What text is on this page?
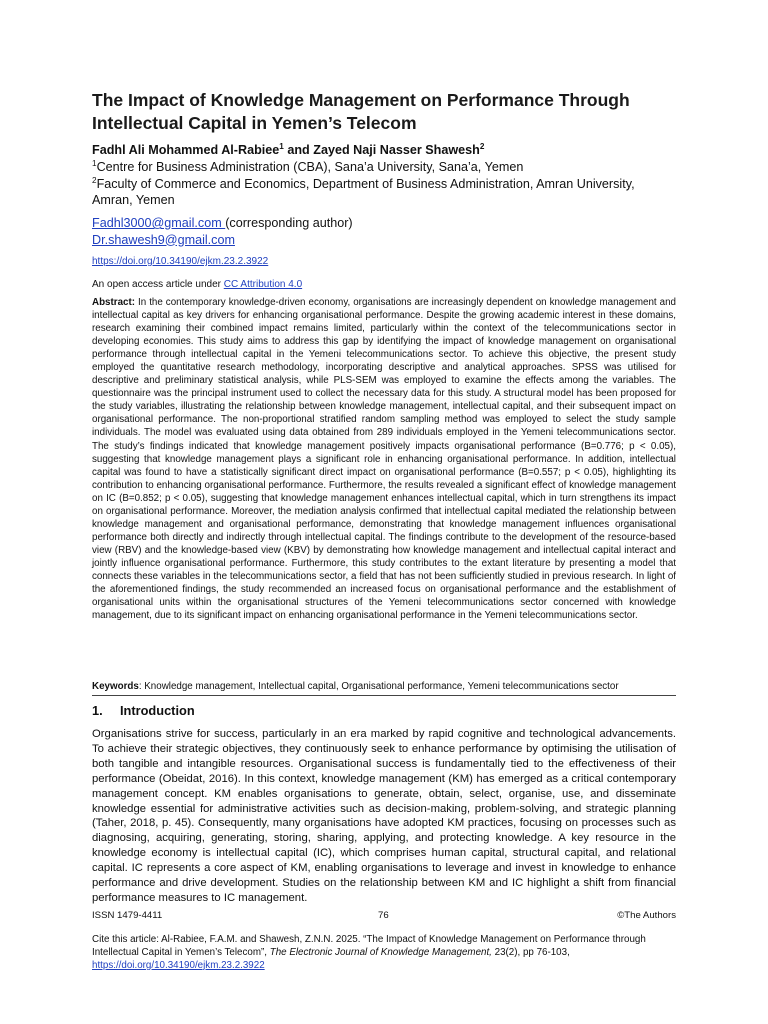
The Impact of Knowledge Management on Performance Through Intellectual Capital in Yemen’s Telecom
Fadhl Ali Mohammed Al-Rabiee$^1$ and Zayed Naji Nasser Shawesh$^2$
$^1$Centre for Business Administration (CBA), Sana’a University, Sana’a, Yemen
$^2$Faculty of Commerce and Economics, Department of Business Administration, Amran University, Amran, Yemen
Fadhl3000@gmail.com (corresponding author)
Dr.shawesh9@gmail.com
https://doi.org/10.34190/ejkm.23.2.3922
An open access article under CC Attribution 4.0
Abstract: In the contemporary knowledge-driven economy, organisations are increasingly dependent on knowledge management and intellectual capital as key drivers for enhancing organisational performance. Despite the growing academic interest in these domains, research examining their combined impact remains limited, particularly within the context of the telecommunications sector in developing economies. This study aims to address this gap by identifying the impact of knowledge management on organisational performance through intellectual capital in the Yemeni telecommunications sector. To achieve this objective, the present study employed the quantitative research methodology, incorporating descriptive and analytical approaches. SPSS was utilised for descriptive and preliminary statistical analysis, while PLS-SEM was employed to examine the effects among the variables. The questionnaire was the principal instrument used to collect the necessary data for this study. A structural model has been proposed for the study variables, illustrating the relationship between knowledge management, intellectual capital, and their subsequent impact on organisational performance. The non-proportional stratified random sampling method was employed to select the study sample individuals. The model was evaluated using data obtained from 289 individuals employed in the Yemeni telecommunications sector. The study’s findings indicated that knowledge management positively impacts organisational performance (B=0.776; p < 0.05), suggesting that knowledge management plays a significant role in enhancing organisational performance. In addition, intellectual capital was found to have a statistically significant direct impact on organisational performance (B=0.557; p < 0.05), highlighting its contribution to enhancing organisational performance. Furthermore, the results revealed a significant effect of knowledge management on IC (B=0.852; p < 0.05), suggesting that knowledge management enhances intellectual capital, which in turn strengthens its impact on organisational performance. Moreover, the mediation analysis confirmed that intellectual capital mediated the relationship between knowledge management and organisational performance, demonstrating that knowledge management influences organisational performance both directly and indirectly through intellectual capital. The findings contribute to the development of the resource-based view (RBV) and the knowledge-based view (KBV) by demonstrating how knowledge management and intellectual capital interact and jointly influence organisational performance. Furthermore, this study contributes to the extant literature by presenting a model that connects these variables in the telecommunications sector, a field that has not been sufficiently studied in previous research. In light of the aforementioned findings, the study recommended an increased focus on organisational performance and the establishment of organisational units within the organisational structures of the Yemeni telecommunications sector concerned with knowledge management, due to its significant impact on enhancing organisational performance in the Yemeni telecommunications sector.
Keywords: Knowledge management, Intellectual capital, Organisational performance, Yemeni telecommunications sector
1. Introduction
Organisations strive for success, particularly in an era marked by rapid cognitive and technological advancements. To achieve their strategic objectives, they continuously seek to enhance performance by optimising the utilisation of both tangible and intangible resources. Organisational success is fundamentally tied to the effectiveness of their performance (Obeidat, 2016). In this context, knowledge management (KM) has emerged as a critical contemporary management concept. KM enables organisations to generate, obtain, select, organise, use, and disseminate knowledge essential for administrative activities such as decision-making, problem-solving, and strategic planning (Taher, 2018, p. 45). Consequently, many organisations have adopted KM practices, focusing on processes such as diagnosing, acquiring, generating, storing, sharing, applying, and protecting knowledge. A key resource in the knowledge economy is intellectual capital (IC), which comprises human capital, structural capital, and relational capital. IC represents a core aspect of KM, enabling organisations to leverage and invest in knowledge to enhance performance and drive development. Studies on the relationship between KM and IC highlight a shift from financial performance measures to IC management.
ISSN 1479-4411	76	©The Authors
Cite this article: Al-Rabiee, F.A.M. and Shawesh, Z.N.N. 2025. “The Impact of Knowledge Management on Performance through Intellectual Capital in Yemen’s Telecom”, The Electronic Journal of Knowledge Management, 23(2), pp 76-103,
https://doi.org/10.34190/ejkm.23.2.3922
